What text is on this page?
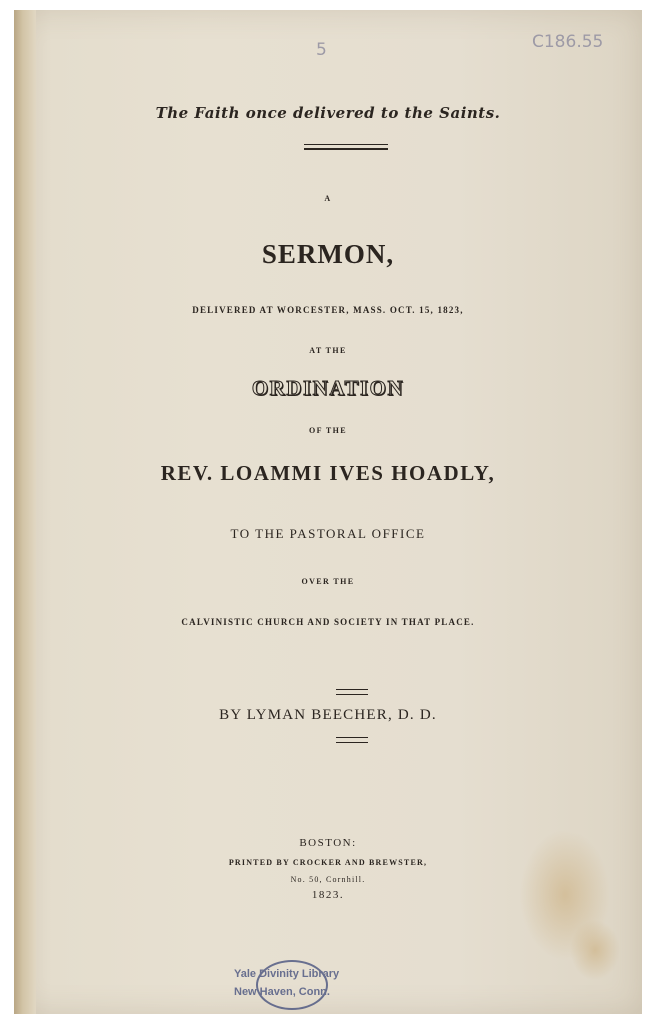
5	C186.55
The Faith once delivered to the Saints.
A
SERMON,
DELIVERED AT WORCESTER, MASS. OCT. 15, 1823,
AT THE
ORDINATION
OF THE
REV. LOAMMI IVES HOADLY,
TO THE PASTORAL OFFICE
OVER THE
CALVINISTIC CHURCH AND SOCIETY IN THAT PLACE.
BY LYMAN BEECHER, D. D.
BOSTON:
PRINTED BY CROCKER AND BREWSTER,
No. 50, Cornhill.
1823.
Yale Divinity Library
New Haven, Conn.
